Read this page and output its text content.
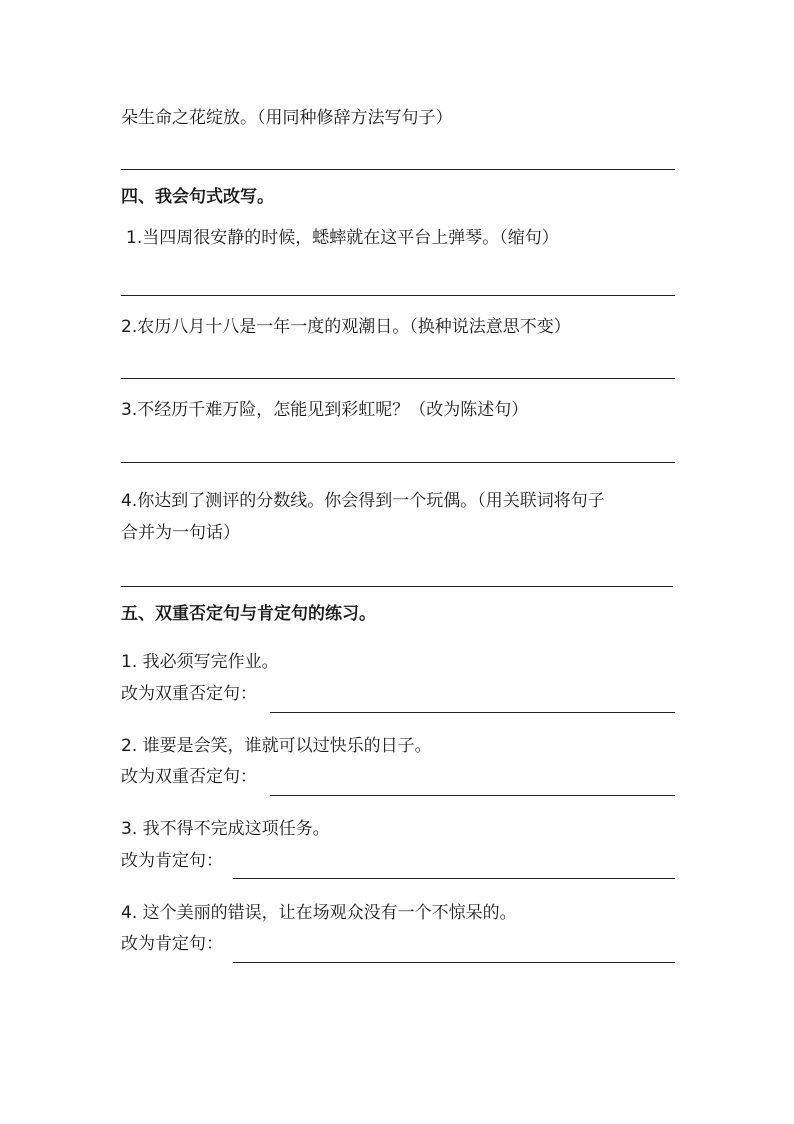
朵生命之花绽放。（用同种修辞方法写句子）
四、我会句式改写。
1.当四周很安静的时候，蟋蟀就在这平台上弹琴。（缩句）
2.农历八月十八是一年一度的观潮日。（换种说法意思不变）
3.不经历千难万险，怎能见到彩虹呢？（改为陈述句）
4.你达到了测评的分数线。你会得到一个玩偶。（用关联词将句子
合并为一句话）
五、双重否定句与肯定句的练习。
1. 我必须写完作业。
改为双重否定句：
2. 谁要是会笑，谁就可以过快乐的日子。
改为双重否定句：
3. 我不得不完成这项任务。
改为肯定句：
4. 这个美丽的错误，让在场观众没有一个不惊呆的。
改为肯定句：
